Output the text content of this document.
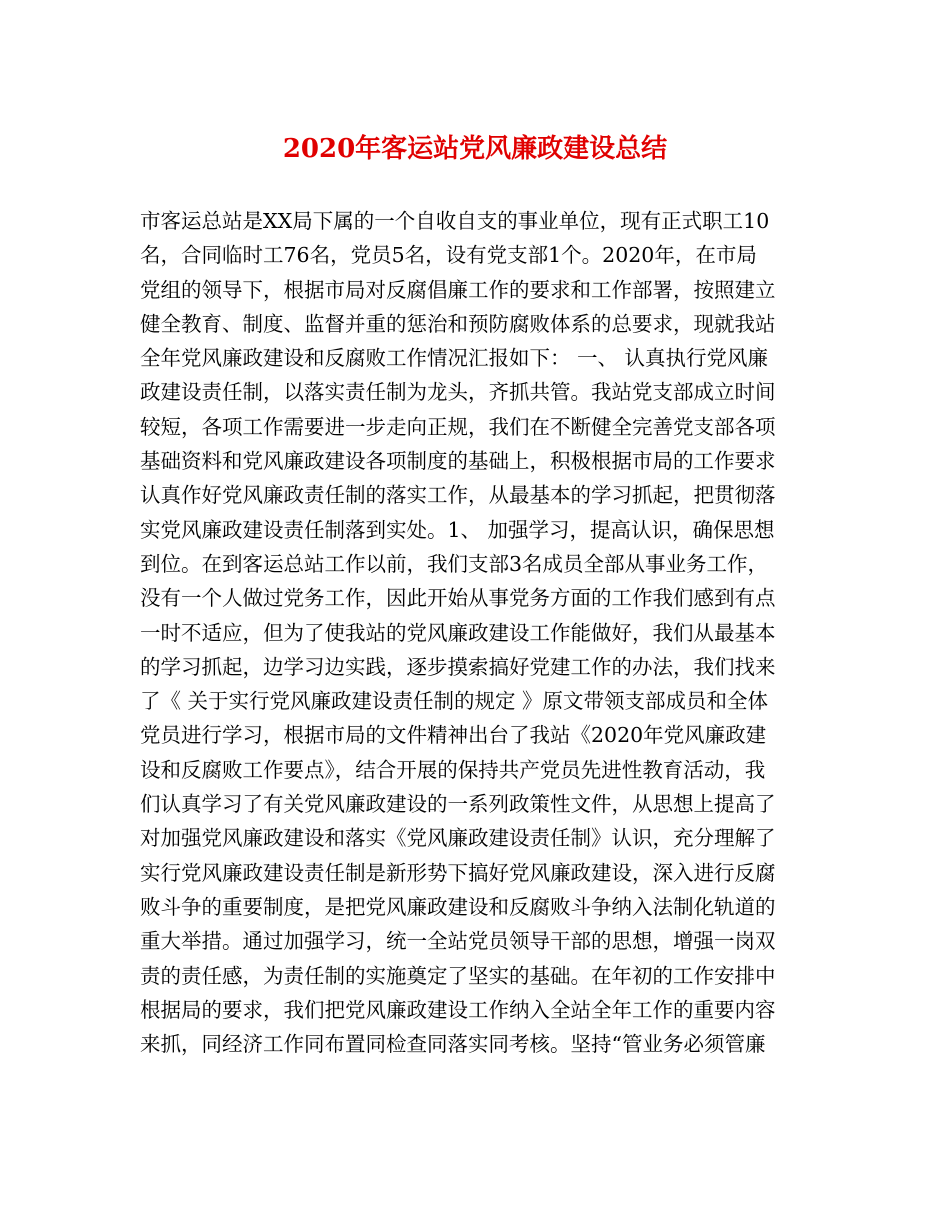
2020年客运站党风廉政建设总结
市客运总站是XX局下属的一个自收自支的事业单位，现有正式职工10
名，合同临时工76名，党员5名，设有党支部1个。2020年，在市局
党组的领导下，根据市局对反腐倡廉工作的要求和工作部署，按照建立
健全教育、制度、监督并重的惩治和预防腐败体系的总要求，现就我站
全年党风廉政建设和反腐败工作情况汇报如下： 一、 认真执行党风廉
政建设责任制，以落实责任制为龙头，齐抓共管。我站党支部成立时间
较短，各项工作需要进一步走向正规，我们在不断健全完善党支部各项
基础资料和党风廉政建设各项制度的基础上，积极根据市局的工作要求
认真作好党风廉政责任制的落实工作，从最基本的学习抓起，把贯彻落
实党风廉政建设责任制落到实处。1、 加强学习，提高认识，确保思想
到位。在到客运总站工作以前，我们支部3名成员全部从事业务工作，
没有一个人做过党务工作，因此开始从事党务方面的工作我们感到有点
一时不适应，但为了使我站的党风廉政建设工作能做好，我们从最基本
的学习抓起，边学习边实践，逐步摸索搞好党建工作的办法，我们找来
了《 关于实行党风廉政建设责任制的规定 》原文带领支部成员和全体
党员进行学习，根据市局的文件精神出台了我站《2020年党风廉政建
设和反腐败工作要点》，结合开展的保持共产党员先进性教育活动，我
们认真学习了有关党风廉政建设的一系列政策性文件，从思想上提高了
对加强党风廉政建设和落实《党风廉政建设责任制》认识，充分理解了
实行党风廉政建设责任制是新形势下搞好党风廉政建设，深入进行反腐
败斗争的重要制度，是把党风廉政建设和反腐败斗争纳入法制化轨道的
重大举措。通过加强学习，统一全站党员领导干部的思想，增强一岗双
责的责任感，为责任制的实施奠定了坚实的基础。在年初的工作安排中
根据局的要求，我们把党风廉政建设工作纳入全站全年工作的重要内容
来抓，同经济工作同布置同检查同落实同考核。坚持“管业务必须管廉
